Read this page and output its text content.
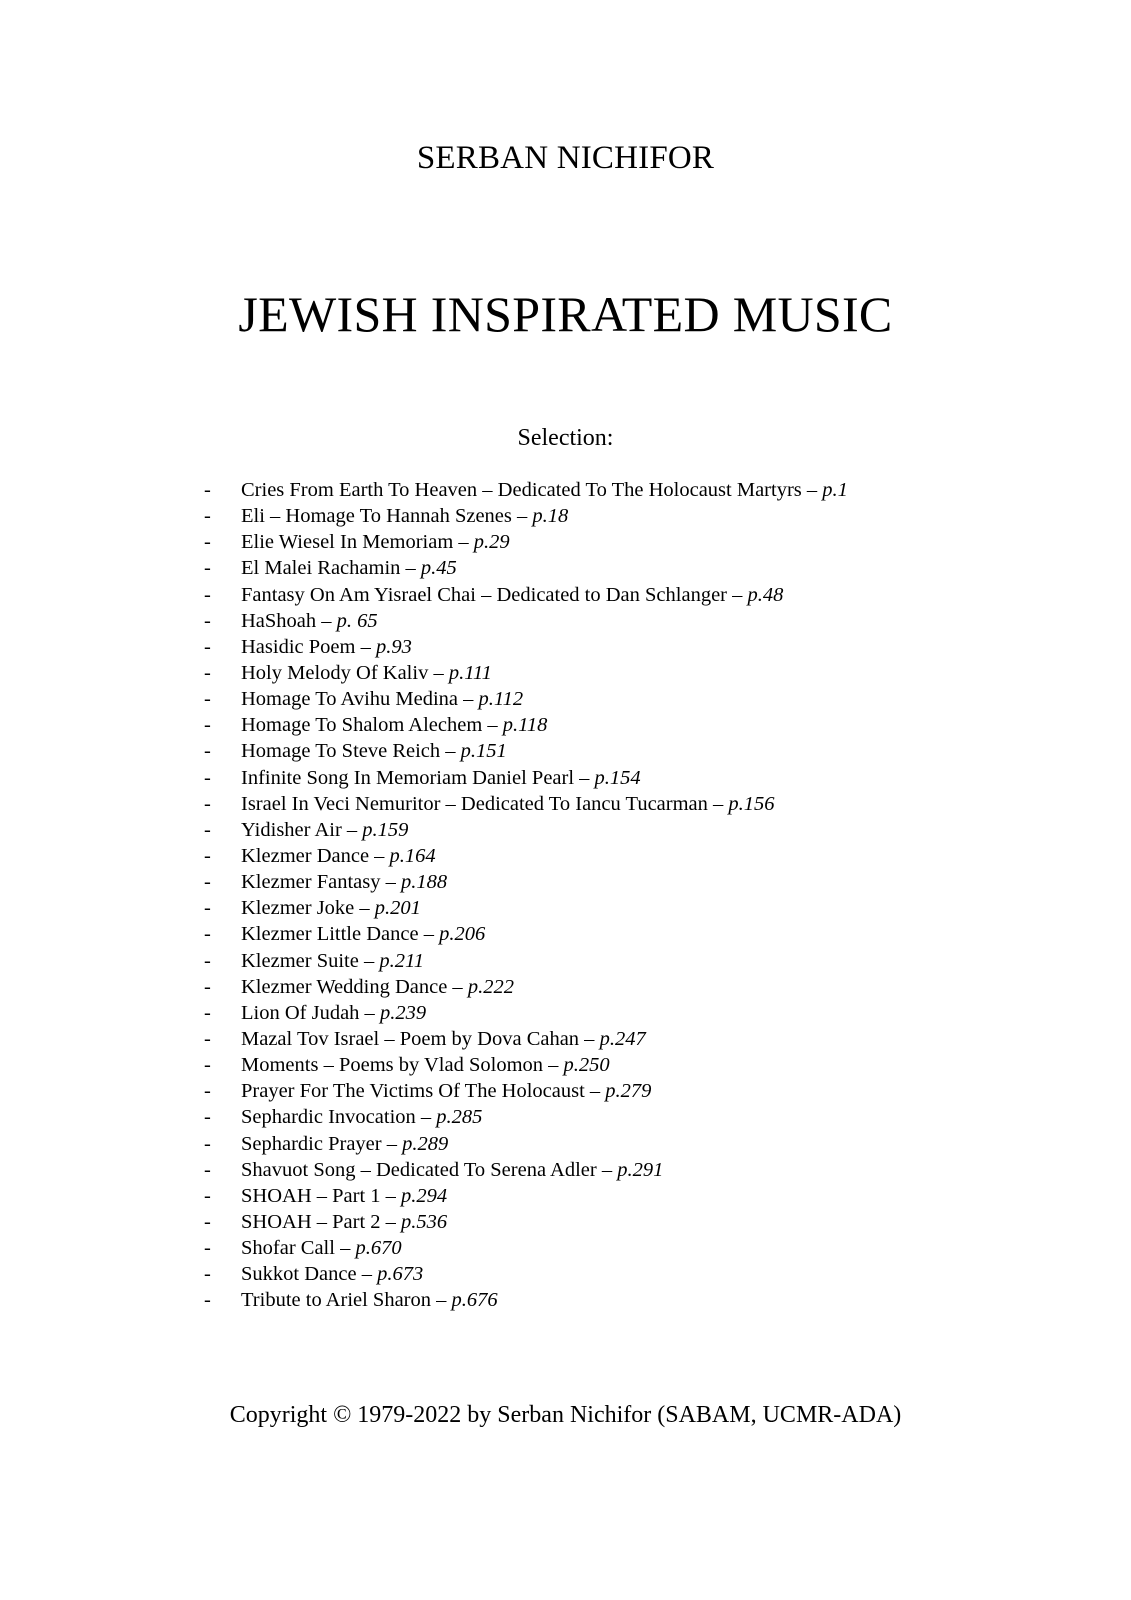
SERBAN NICHIFOR
JEWISH INSPIRATED MUSIC
Selection:
- Cries From Earth To Heaven – Dedicated To The Holocaust Martyrs – p.1
- Eli – Homage To Hannah Szenes – p.18
- Elie Wiesel In Memoriam – p.29
- El Malei Rachamin – p.45
- Fantasy On Am Yisrael Chai – Dedicated to Dan Schlanger – p.48
- HaShoah – p. 65
- Hasidic Poem – p.93
- Holy Melody Of Kaliv – p.111
- Homage To Avihu Medina – p.112
- Homage To Shalom Alechem – p.118
- Homage To Steve Reich – p.151
- Infinite Song In Memoriam Daniel Pearl – p.154
- Israel In Veci Nemuritor – Dedicated To Iancu Tucarman – p.156
- Yidisher Air – p.159
- Klezmer Dance – p.164
- Klezmer Fantasy – p.188
- Klezmer Joke – p.201
- Klezmer Little Dance – p.206
- Klezmer Suite – p.211
- Klezmer Wedding Dance – p.222
- Lion Of Judah – p.239
- Mazal Tov Israel – Poem by Dova Cahan – p.247
- Moments – Poems by Vlad Solomon – p.250
- Prayer For The Victims Of The Holocaust – p.279
- Sephardic Invocation – p.285
- Sephardic Prayer – p.289
- Shavuot Song – Dedicated To Serena Adler – p.291
- SHOAH – Part 1 – p.294
- SHOAH – Part 2 – p.536
- Shofar Call – p.670
- Sukkot Dance – p.673
- Tribute to Ariel Sharon – p.676
Copyright © 1979-2022 by Serban Nichifor (SABAM, UCMR-ADA)
